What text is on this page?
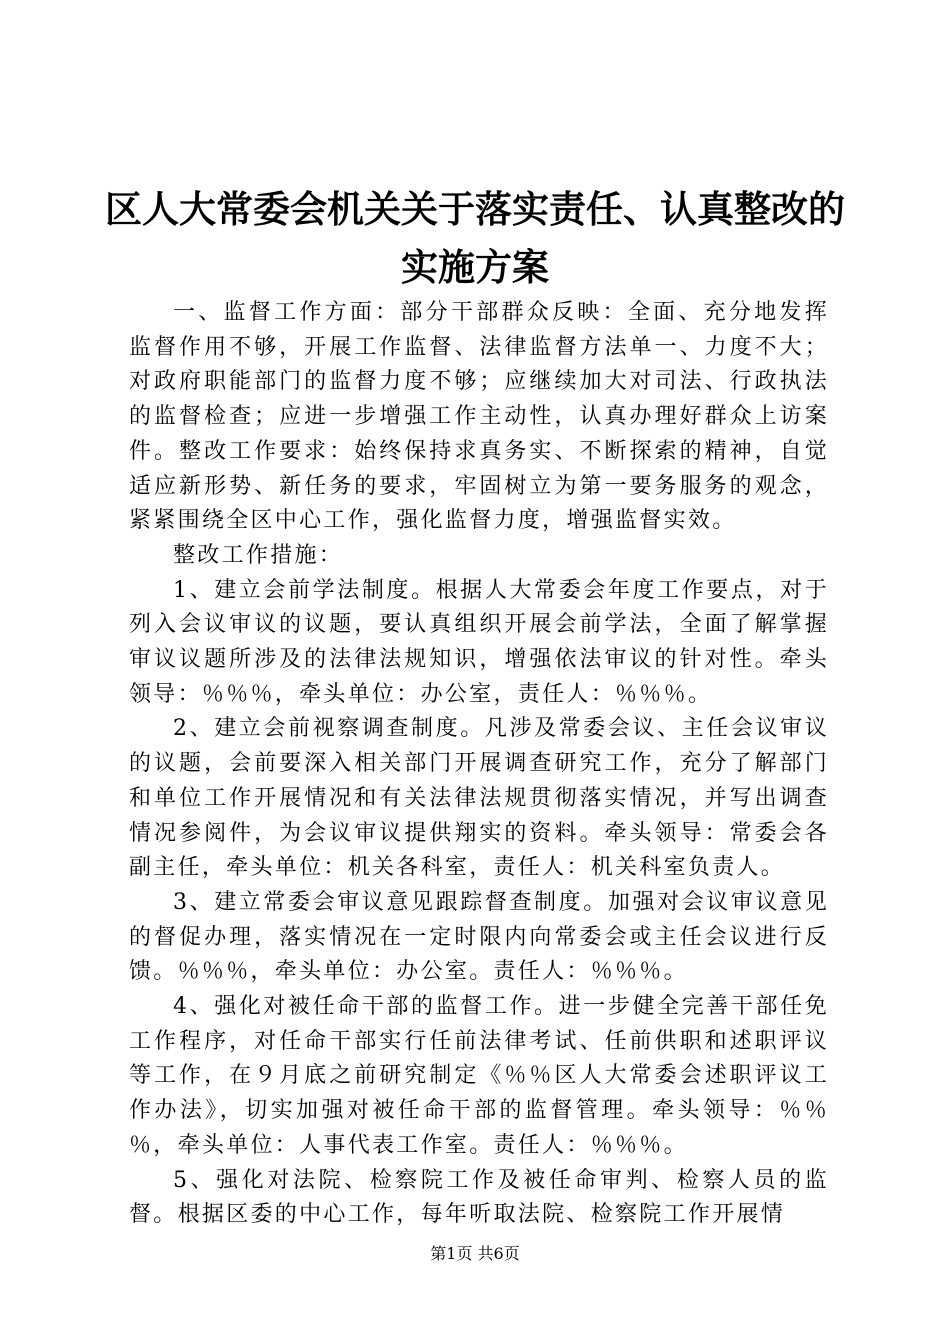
区人大常委会机关关于落实责任、认真整改的
实施方案

一、监督工作方面：部分干部群众反映：全面、充分地发挥监督作用不够，开展工作监督、法律监督方法单一、力度不大；对政府职能部门的监督力度不够；应继续加大对司法、行政执法的监督检查；应进一步增强工作主动性，认真办理好群众上访案件。整改工作要求：始终保持求真务实、不断探索的精神，自觉适应新形势、新任务的要求，牢固树立为第一要务服务的观念，紧紧围绕全区中心工作，强化监督力度，增强监督实效。

整改工作措施：

1、建立会前学法制度。根据人大常委会年度工作要点，对于列入会议审议的议题，要认真组织开展会前学法，全面了解掌握审议议题所涉及的法律法规知识，增强依法审议的针对性。牵头领导：％％％，牵头单位：办公室，责任人：％％％。

2、建立会前视察调查制度。凡涉及常委会议、主任会议审议的议题，会前要深入相关部门开展调查研究工作，充分了解部门和单位工作开展情况和有关法律法规贯彻落实情况，并写出调查情况参阅件，为会议审议提供翔实的资料。牵头领导：常委会各副主任，牵头单位：机关各科室，责任人：机关科室负责人。

3、建立常委会审议意见跟踪督查制度。加强对会议审议意见的督促办理，落实情况在一定时限内向常委会或主任会议进行反馈。％％％，牵头单位：办公室。责任人：％％％。

4、强化对被任命干部的监督工作。进一步健全完善干部任免工作程序，对任命干部实行任前法律考试、任前供职和述职评议等工作，在９月底之前研究制定《％％区人大常委会述职评议工作办法》，切实加强对被任命干部的监督管理。牵头领导：％％％，牵头单位：人事代表工作室。责任人：％％％。

5、强化对法院、检察院工作及被任命审判、检察人员的监督。根据区委的中心工作，每年听取法院、检察院工作开展情

第1页 共6页
